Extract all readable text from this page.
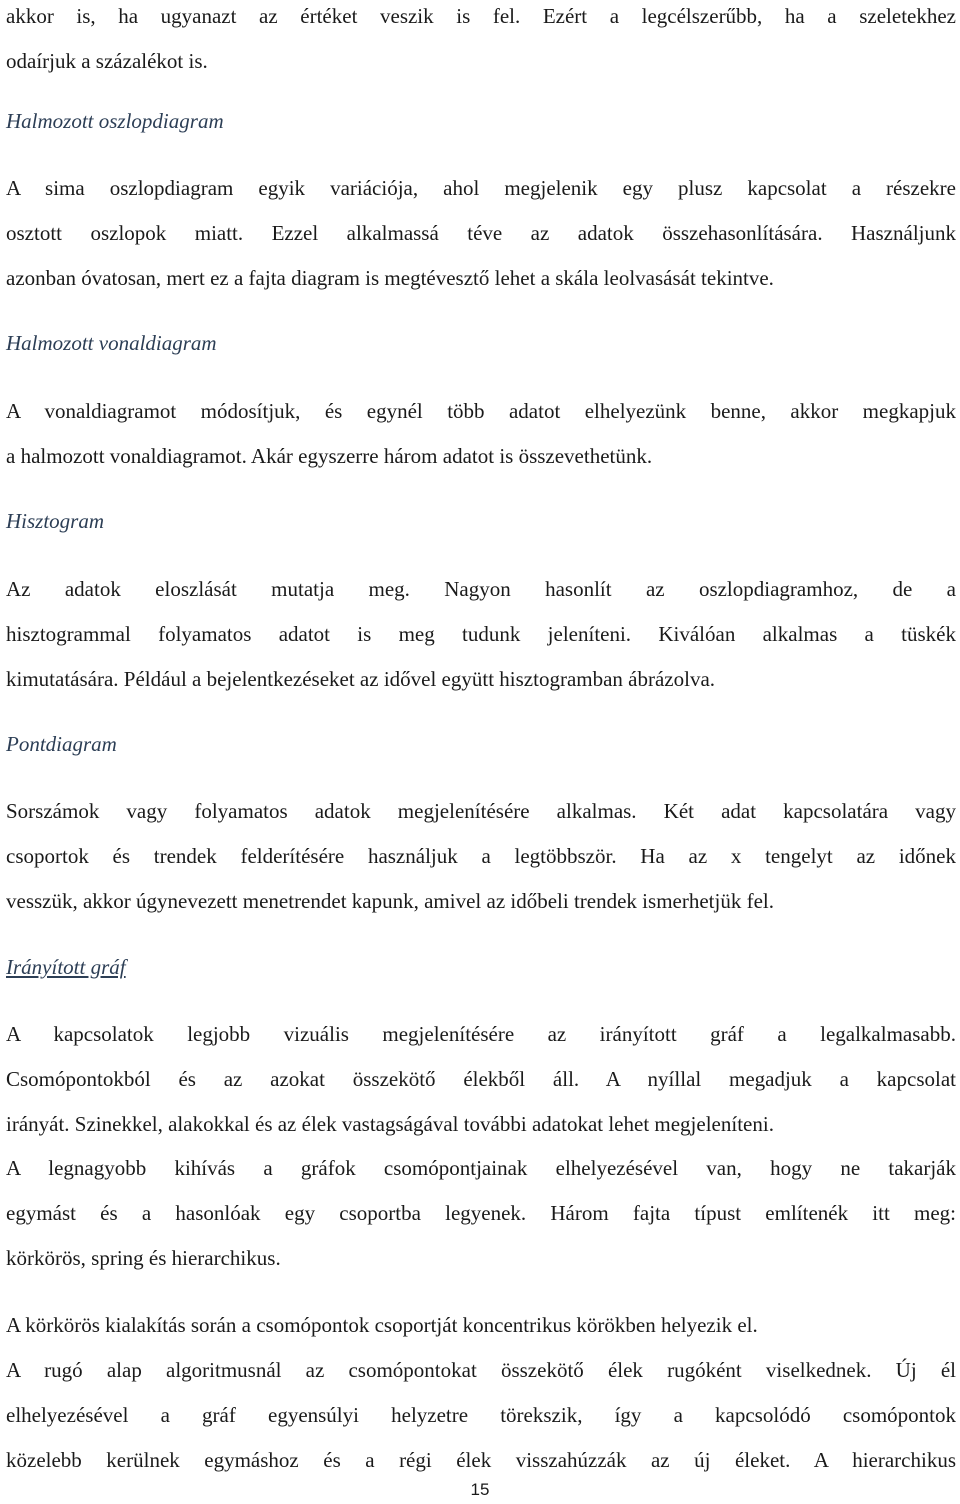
akkor is, ha ugyanazt az értéket veszik is fel. Ezért a legcélszerűbb, ha a szeletekhez
odaírjuk a százalékot is.
Halmozott oszlopdiagram
A sima oszlopdiagram egyik variációja, ahol megjelenik egy plusz kapcsolat a részekre
osztott oszlopok miatt. Ezzel alkalmassá téve az adatok összehasonlítására. Használjunk
azonban óvatosan, mert ez a fajta diagram is megtévesztő lehet a skála leolvasását tekintve.
Halmozott vonaldiagram
A vonaldiagramot módosítjuk, és egynél több adatot elhelyezünk benne, akkor megkapjuk
a halmozott vonaldiagramot. Akár egyszerre három adatot is összevethetünk.
Hisztogram
Az adatok eloszlását mutatja meg. Nagyon hasonlít az oszlopdiagramhoz, de a
hisztogrammal folyamatos adatot is meg tudunk jeleníteni. Kiválóan alkalmas a tüskék
kimutatására. Például a bejelentkezéseket az idővel együtt hisztogramban ábrázolva.
Pontdiagram
Sorszámok vagy folyamatos adatok megjelenítésére alkalmas. Két adat kapcsolatára vagy
csoportok és trendek felderítésére használjuk a legtöbbször. Ha az x tengelyt az időnek
vesszük, akkor úgynevezett menetrendet kapunk, amivel az időbeli trendek ismerhetjük fel.
Irányított gráf
A kapcsolatok legjobb vizuális megjelenítésére az irányított gráf a legalkalmasabb.
Csomópontokból és az azokat összekötő élekből áll. A nyíllal megadjuk a kapcsolat
irányát. Szinekkel, alakokkal és az élek vastagságával további adatokat lehet megjeleníteni.
A legnagyobb kihívás a gráfok csomópontjainak elhelyezésével van, hogy ne takarják
egymást és a hasonlóak egy csoportba legyenek. Három fajta típust említenék itt meg:
körkörös, spring és hierarchikus.
A körkörös kialakítás során a csomópontok csoportját koncentrikus körökben helyezik el.
A rugó alap algoritmusnál az csomópontokat összekötő élek rugóként viselkednek. Új él
elhelyezésével a gráf egyensúlyi helyzetre törekszik, így a kapcsolódó csomópontok
közelebb kerülnek egymáshoz és a régi élek visszahúzzák az új éleket. A hierarchikus
15
